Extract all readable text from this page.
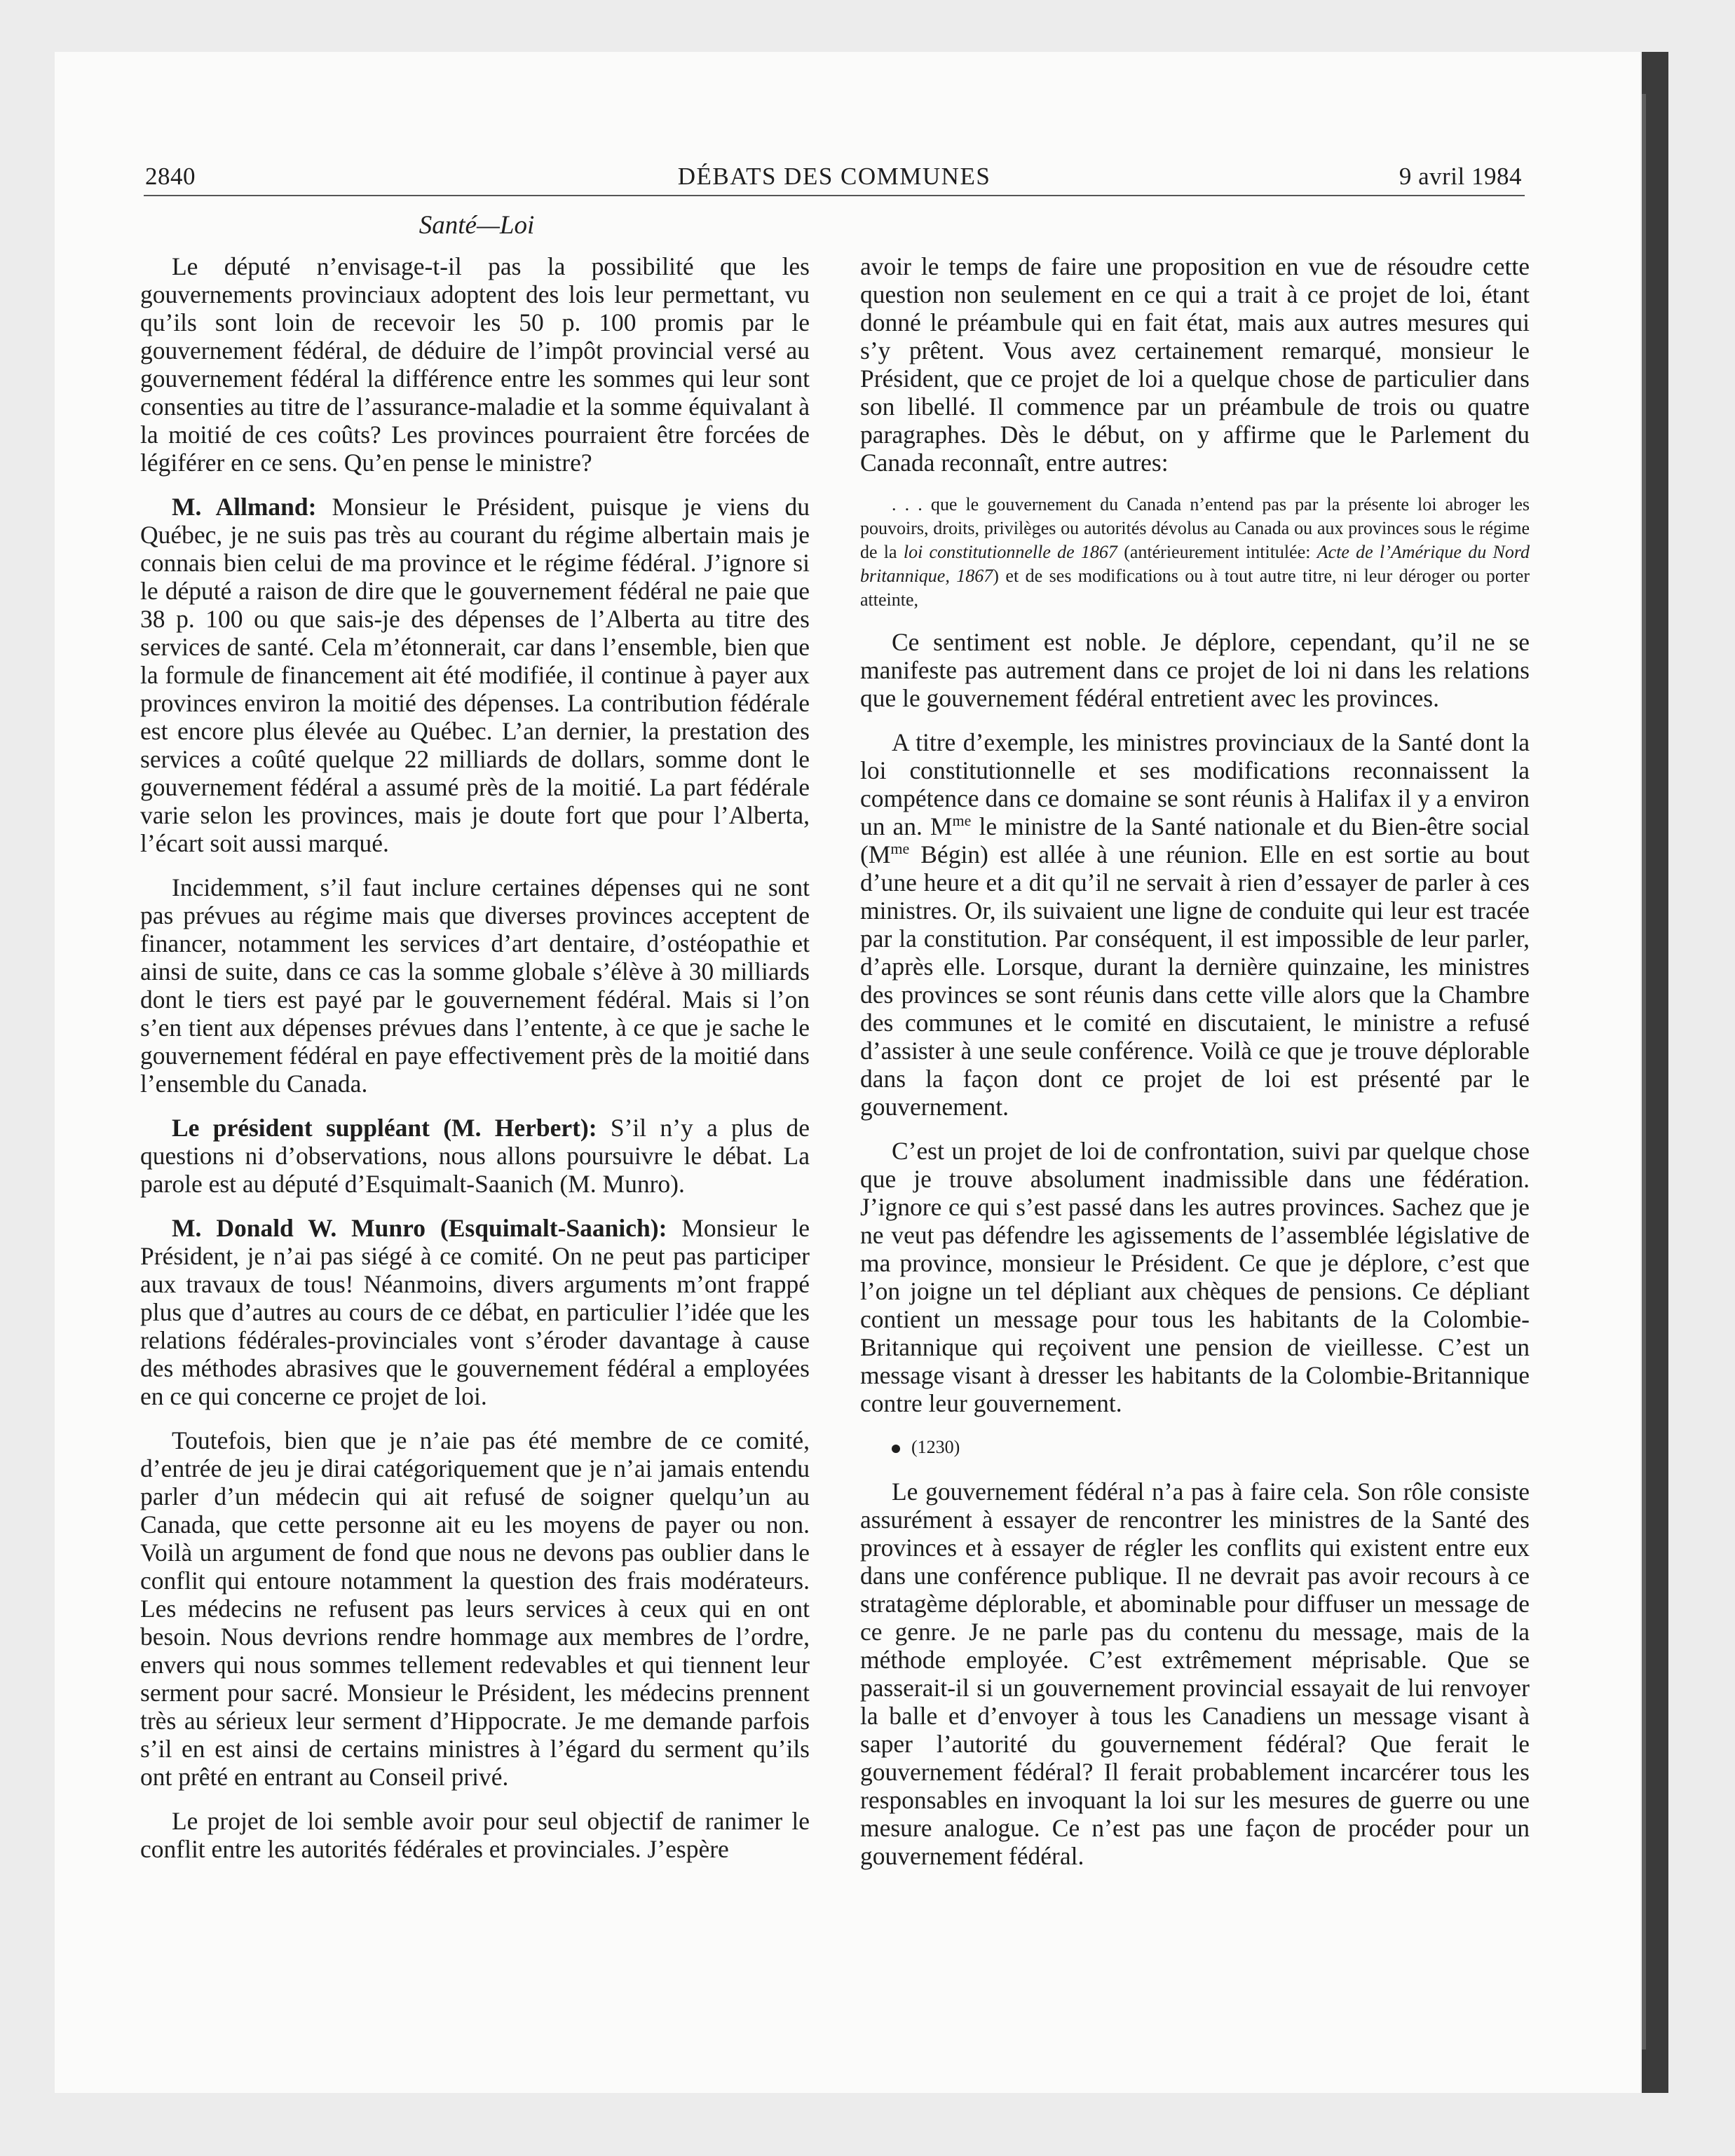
2840	DÉBATS DES COMMUNES	9 avril 1984
Santé—Loi

Le député n’envisage-t-il pas la possibilité que les gouvernements provinciaux adoptent des lois leur permettant, vu qu’ils sont loin de recevoir les 50 p. 100 promis par le gouvernement fédéral, de déduire de l’impôt provincial versé au gouvernement fédéral la différence entre les sommes qui leur sont consenties au titre de l’assurance-maladie et la somme équivalant à la moitié de ces coûts? Les provinces pourraient être forcées de légiférer en ce sens. Qu’en pense le ministre?

M. Allmand: Monsieur le Président, puisque je viens du Québec, je ne suis pas très au courant du régime albertain mais je connais bien celui de ma province et le régime fédéral. J’ignore si le député a raison de dire que le gouvernement fédéral ne paie que 38 p. 100 ou que sais-je des dépenses de l’Alberta au titre des services de santé. Cela m’étonnerait, car dans l’ensemble, bien que la formule de financement ait été modifiée, il continue à payer aux provinces environ la moitié des dépenses. La contribution fédérale est encore plus élevée au Québec. L’an dernier, la prestation des services a coûté quelque 22 milliards de dollars, somme dont le gouvernement fédéral a assumé près de la moitié. La part fédérale varie selon les provinces, mais je doute fort que pour l’Alberta, l’écart soit aussi marqué.

Incidemment, s’il faut inclure certaines dépenses qui ne sont pas prévues au régime mais que diverses provinces acceptent de financer, notamment les services d’art dentaire, d’ostéopathie et ainsi de suite, dans ce cas la somme globale s’élève à 30 milliards dont le tiers est payé par le gouvernement fédéral. Mais si l’on s’en tient aux dépenses prévues dans l’entente, à ce que je sache le gouvernement fédéral en paye effectivement près de la moitié dans l’ensemble du Canada.

Le président suppléant (M. Herbert): S’il n’y a plus de questions ni d’observations, nous allons poursuivre le débat. La parole est au député d’Esquimalt-Saanich (M. Munro).

M. Donald W. Munro (Esquimalt-Saanich): Monsieur le Président, je n’ai pas siégé à ce comité. On ne peut pas participer aux travaux de tous! Néanmoins, divers arguments m’ont frappé plus que d’autres au cours de ce débat, en particulier l’idée que les relations fédérales-provinciales vont s’éroder davantage à cause des méthodes abrasives que le gouvernement fédéral a employées en ce qui concerne ce projet de loi.

Toutefois, bien que je n’aie pas été membre de ce comité, d’entrée de jeu je dirai catégoriquement que je n’ai jamais entendu parler d’un médecin qui ait refusé de soigner quelqu’un au Canada, que cette personne ait eu les moyens de payer ou non. Voilà un argument de fond que nous ne devons pas oublier dans le conflit qui entoure notamment la question des frais modérateurs. Les médecins ne refusent pas leurs services à ceux qui en ont besoin. Nous devrions rendre hommage aux membres de l’ordre, envers qui nous sommes tellement redevables et qui tiennent leur serment pour sacré. Monsieur le Président, les médecins prennent très au sérieux leur serment d’Hippocrate. Je me demande parfois s’il en est ainsi de certains ministres à l’égard du serment qu’ils ont prêté en entrant au Conseil privé.

Le projet de loi semble avoir pour seul objectif de ranimer le conflit entre les autorités fédérales et provinciales. J’espère

avoir le temps de faire une proposition en vue de résoudre cette question non seulement en ce qui a trait à ce projet de loi, étant donné le préambule qui en fait état, mais aux autres mesures qui s’y prêtent. Vous avez certainement remarqué, monsieur le Président, que ce projet de loi a quelque chose de particulier dans son libellé. Il commence par un préambule de trois ou quatre paragraphes. Dès le début, on y affirme que le Parlement du Canada reconnaît, entre autres:

. . . que le gouvernement du Canada n’entend pas par la présente loi abroger les pouvoirs, droits, privilèges ou autorités dévolus au Canada ou aux provinces sous le régime de la loi constitutionnelle de 1867 (antérieurement intitulée: Acte de l’Amérique du Nord britannique, 1867) et de ses modifications ou à tout autre titre, ni leur déroger ou porter atteinte,

Ce sentiment est noble. Je déplore, cependant, qu’il ne se manifeste pas autrement dans ce projet de loi ni dans les relations que le gouvernement fédéral entretient avec les provinces.

A titre d’exemple, les ministres provinciaux de la Santé dont la loi constitutionnelle et ses modifications reconnaissent la compétence dans ce domaine se sont réunis à Halifax il y a environ un an. $M^{me}$ le ministre de la Santé nationale et du Bien-être social ($M^{me}$ Bégin) est allée à une réunion. Elle en est sortie au bout d’une heure et a dit qu’il ne servait à rien d’essayer de parler à ces ministres. Or, ils suivaient une ligne de conduite qui leur est tracée par la constitution. Par conséquent, il est impossible de leur parler, d’après elle. Lorsque, durant la dernière quinzaine, les ministres des provinces se sont réunis dans cette ville alors que la Chambre des communes et le comité en discutaient, le ministre a refusé d’assister à une seule conférence. Voilà ce que je trouve déplorable dans la façon dont ce projet de loi est présenté par le gouvernement.

C’est un projet de loi de confrontation, suivi par quelque chose que je trouve absolument inadmissible dans une fédération. J’ignore ce qui s’est passé dans les autres provinces. Sachez que je ne veut pas défendre les agissements de l’assemblée législative de ma province, monsieur le Président. Ce que je déplore, c’est que l’on joigne un tel dépliant aux chèques de pensions. Ce dépliant contient un message pour tous les habitants de la Colombie-Britannique qui reçoivent une pension de vieillesse. C’est un message visant à dresser les habitants de la Colombie-Britannique contre leur gouvernement.

(1230)

Le gouvernement fédéral n’a pas à faire cela. Son rôle consiste assurément à essayer de rencontrer les ministres de la Santé des provinces et à essayer de régler les conflits qui existent entre eux dans une conférence publique. Il ne devrait pas avoir recours à ce stratagème déplorable, et abominable pour diffuser un message de ce genre. Je ne parle pas du contenu du message, mais de la méthode employée. C’est extrêmement méprisable. Que se passerait-il si un gouvernement provincial essayait de lui renvoyer la balle et d’envoyer à tous les Canadiens un message visant à saper l’autorité du gouvernement fédéral? Que ferait le gouvernement fédéral? Il ferait probablement incarcérer tous les responsables en invoquant la loi sur les mesures de guerre ou une mesure analogue. Ce n’est pas une façon de procéder pour un gouvernement fédéral.
